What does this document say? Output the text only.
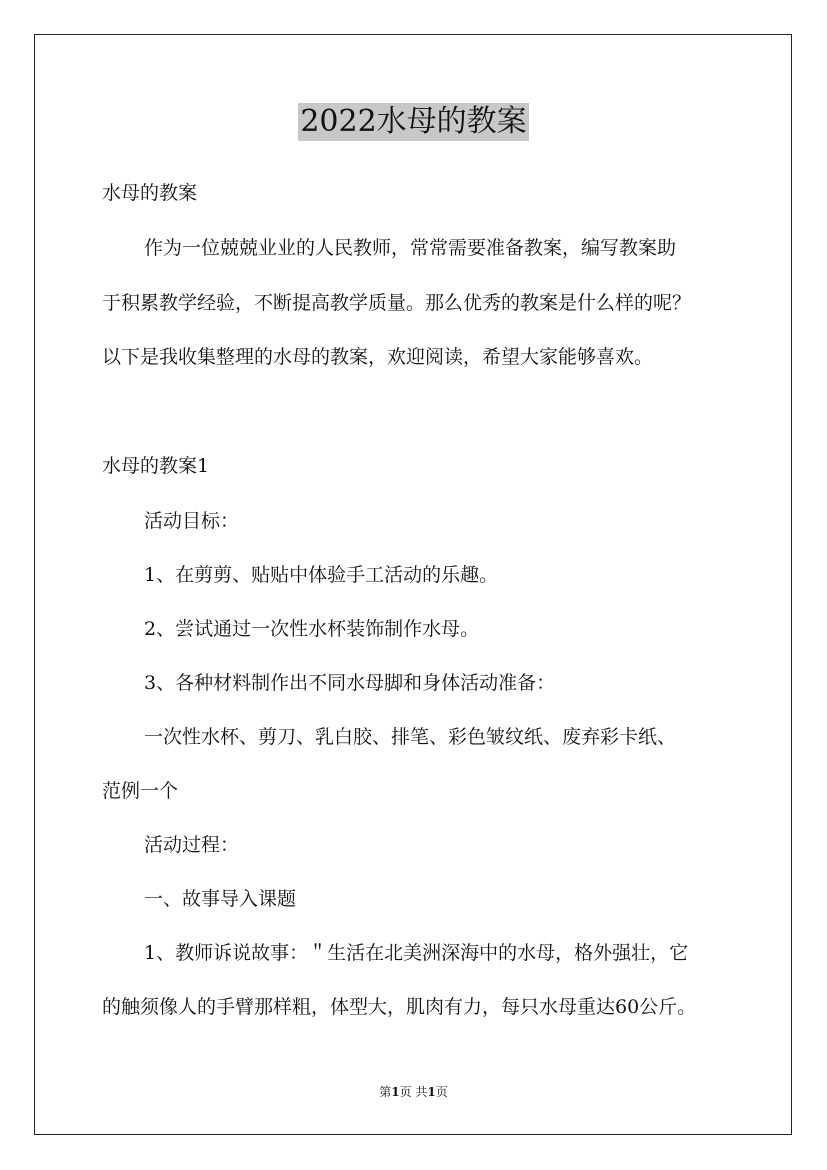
2022水母的教案
水母的教案
作为一位兢兢业业的人民教师，常常需要准备教案，编写教案助
于积累教学经验，不断提高教学质量。那么优秀的教案是什么样的呢？
以下是我收集整理的水母的教案，欢迎阅读，希望大家能够喜欢。
水母的教案1
活动目标：
1、在剪剪、贴贴中体验手工活动的乐趣。
2、尝试通过一次性水杯装饰制作水母。
3、各种材料制作出不同水母脚和身体活动准备：
一次性水杯、剪刀、乳白胶、排笔、彩色皱纹纸、废弃彩卡纸、
范例一个
活动过程：
一、故事导入课题
1、教师诉说故事：＂生活在北美洲深海中的水母，格外强壮，它
的触须像人的手臂那样粗，体型大，肌肉有力，每只水母重达60公斤。
第1页 共1页
